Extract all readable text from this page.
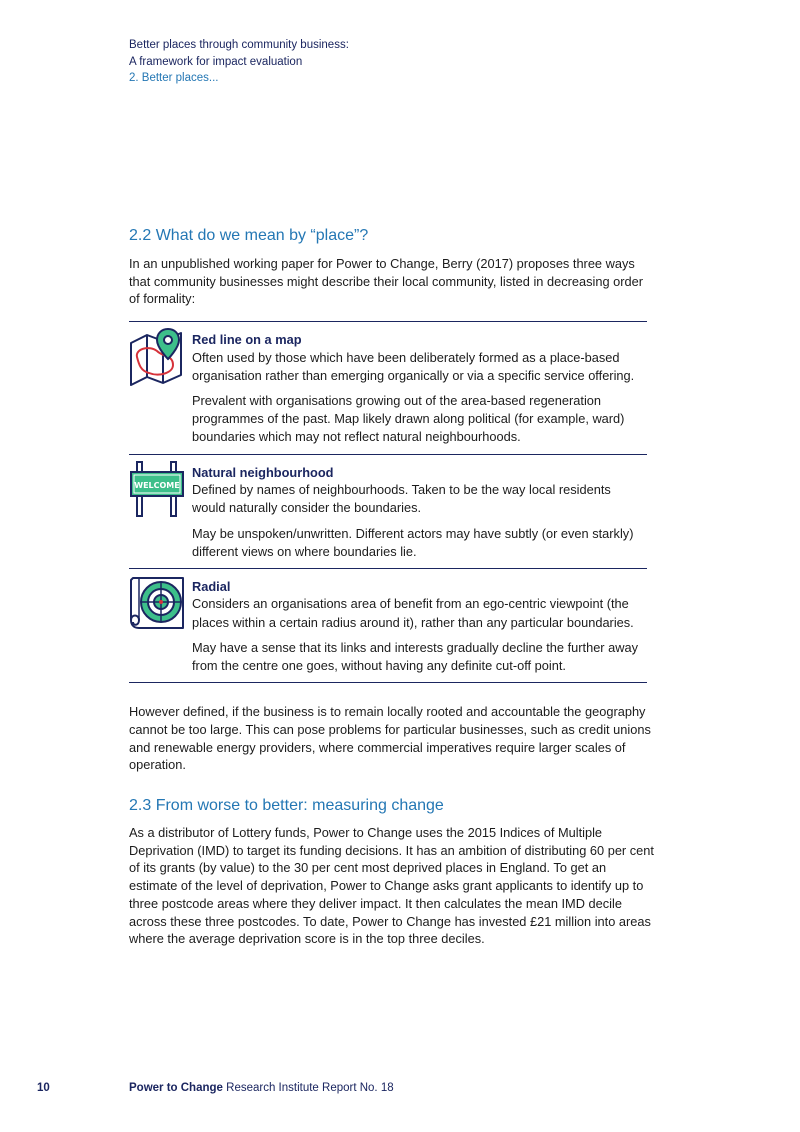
Better places through community business:
A framework for impact evaluation
2. Better places...
2.2 What do we mean by “place”?

In an unpublished working paper for Power to Change, Berry (2017) proposes three ways that community businesses might describe their local community, listed in decreasing order of formality:

Red line on a map

Often used by those which have been deliberately formed as a place-based organisation rather than emerging organically or via a specific service offering.

Prevalent with organisations growing out of the area-based regeneration programmes of the past. Map likely drawn along political (for example, ward) boundaries which may not reflect natural neighbourhoods.

WELCOME

Natural neighbourhood

Defined by names of neighbourhoods. Taken to be the way local residents would naturally consider the boundaries.

May be unspoken/unwritten. Different actors may have subtly (or even starkly) different views on where boundaries lie.

Radial

Considers an organisations area of benefit from an ego-centric viewpoint (the places within a certain radius around it), rather than any particular boundaries.

May have a sense that its links and interests gradually decline the further away from the centre one goes, without having any definite cut-off point.

However defined, if the business is to remain locally rooted and accountable the geography cannot be too large. This can pose problems for particular businesses, such as credit unions and renewable energy providers, where commercial imperatives require larger scales of operation.

2.3 From worse to better: measuring change

As a distributor of Lottery funds, Power to Change uses the 2015 Indices of Multiple Deprivation (IMD) to target its funding decisions. It has an ambition of distributing 60 per cent of its grants (by value) to the 30 per cent most deprived places in England. To get an estimate of the level of deprivation, Power to Change asks grant applicants to identify up to three postcode areas where they deliver impact. It then calculates the mean IMD decile across these three postcodes. To date, Power to Change has invested £21 million into areas where the average deprivation score is in the top three deciles.

10	Power to Change Research Institute Report No. 18
